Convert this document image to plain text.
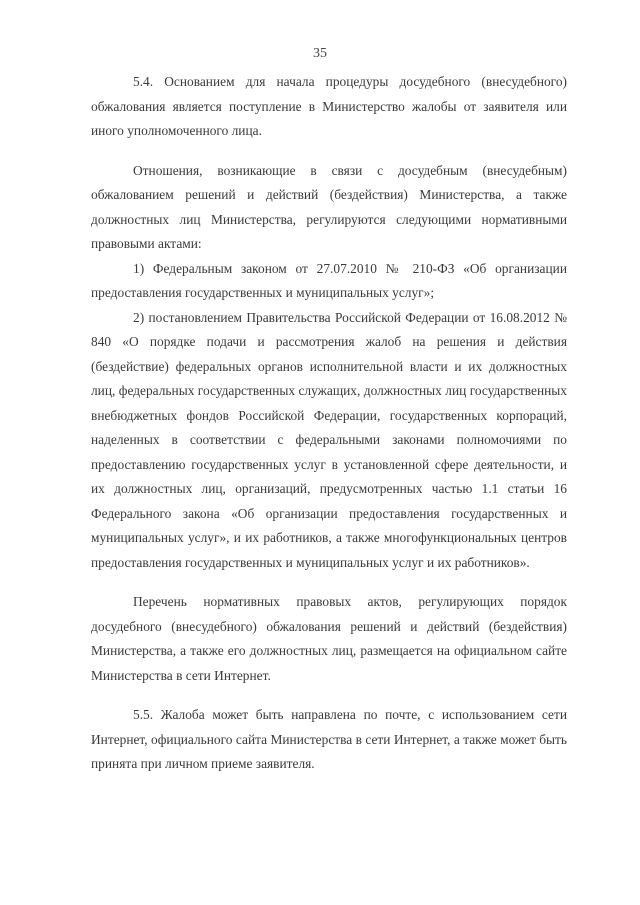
35

5.4. Основанием для начала процедуры досудебного (внесудебного) обжалования является поступление в Министерство жалобы от заявителя или иного уполномоченного лица.

Отношения, возникающие в связи с досудебным (внесудебным) обжалованием решений и действий (бездействия) Министерства, а также должностных лиц Министерства, регулируются следующими нормативными правовыми актами:

1) Федеральным законом от 27.07.2010 № 210-ФЗ «Об организации предоставления государственных и муниципальных услуг»;

2) постановлением Правительства Российской Федерации от 16.08.2012 № 840 «О порядке подачи и рассмотрения жалоб на решения и действия (бездействие) федеральных органов исполнительной власти и их должностных лиц, федеральных государственных служащих, должностных лиц государственных внебюджетных фондов Российской Федерации, государственных корпораций, наделенных в соответствии с федеральными законами полномочиями по предоставлению государственных услуг в установленной сфере деятельности, и их должностных лиц, организаций, предусмотренных частью 1.1 статьи 16 Федерального закона «Об организации предоставления государственных и муниципальных услуг», и их работников, а также многофункциональных центров предоставления государственных и муниципальных услуг и их работников».

Перечень нормативных правовых актов, регулирующих порядок досудебного (внесудебного) обжалования решений и действий (бездействия) Министерства, а также его должностных лиц, размещается на официальном сайте Министерства в сети Интернет.

5.5. Жалоба может быть направлена по почте, с использованием сети Интернет, официального сайта Министерства в сети Интернет, а также может быть принята при личном приеме заявителя.
